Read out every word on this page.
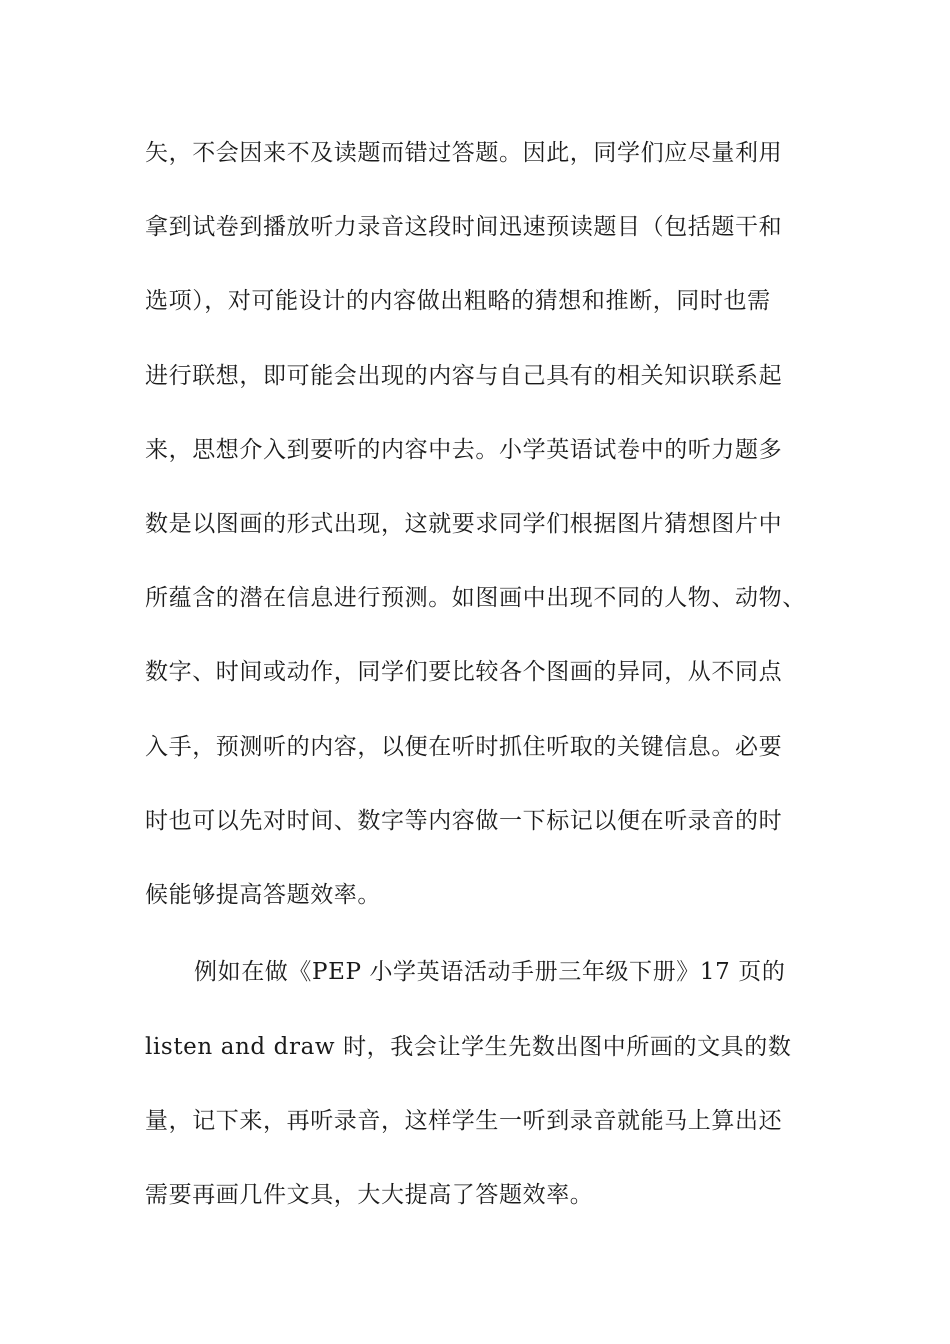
矢，不会因来不及读题而错过答题。因此，同学们应尽量利用

拿到试卷到播放听力录音这段时间迅速预读题目（包括题干和

选项），对可能设计的内容做出粗略的猜想和推断，同时也需

进行联想，即可能会出现的内容与自己具有的相关知识联系起

来，思想介入到要听的内容中去。小学英语试卷中的听力题多

数是以图画的形式出现，这就要求同学们根据图片猜想图片中

所蕴含的潜在信息进行预测。如图画中出现不同的人物、动物、

数字、时间或动作，同学们要比较各个图画的异同，从不同点

入手，预测听的内容，以便在听时抓住听取的关键信息。必要

时也可以先对时间、数字等内容做一下标记以便在听录音的时

候能够提高答题效率。

例如在做《PEP 小学英语活动手册三年级下册》17 页的

listen and draw 时，我会让学生先数出图中所画的文具的数

量，记下来，再听录音，这样学生一听到录音就能马上算出还

需要再画几件文具，大大提高了答题效率。
